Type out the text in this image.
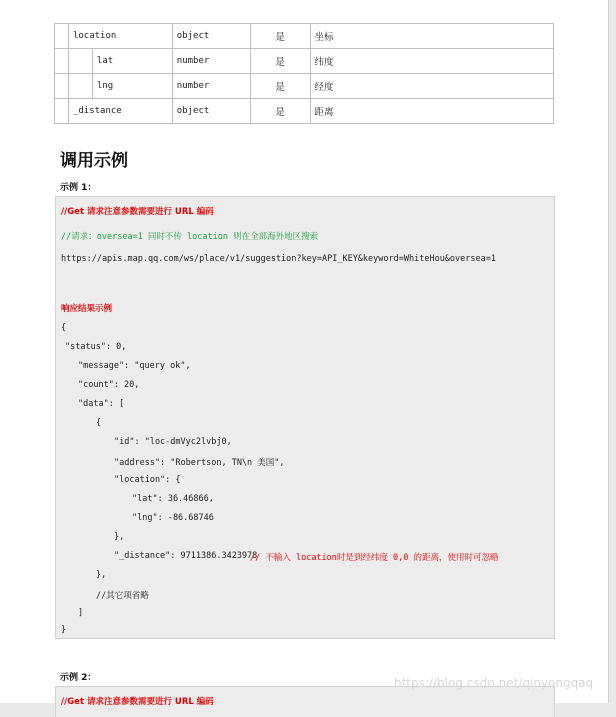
	location		object	是	坐标
		lat	number	是	纬度
		lng	number	是	经度
	_distance		object	是	距离
调用示例
示例 1：
//Get 请求注意参数需要进行 URL 编码
//请求：oversea=1 同时不传 location 则在全部海外地区搜索
https://apis.map.qq.com/ws/place/v1/suggestion?key=API_KEY&keyword=WhiteHou&oversea=1
响应结果示例
{
"status": 0,
"message": "query ok",
"count": 20,
"data": [
{
"id": "loc-dmVyc2lvbj0,
"address": "Robertson, TN\n 美国",
"location": {
"lat": 36.46866,
"lng": -86.68746
},
"_distance": 9711386.3423978
// 不输入 location时是到经纬度 0,0 的距离，使用时可忽略
},
//其它项省略
]
}
示例 2：
//Get 请求注意参数需要进行 URL 编码
https://blog.csdn.net/qinyongqaq
